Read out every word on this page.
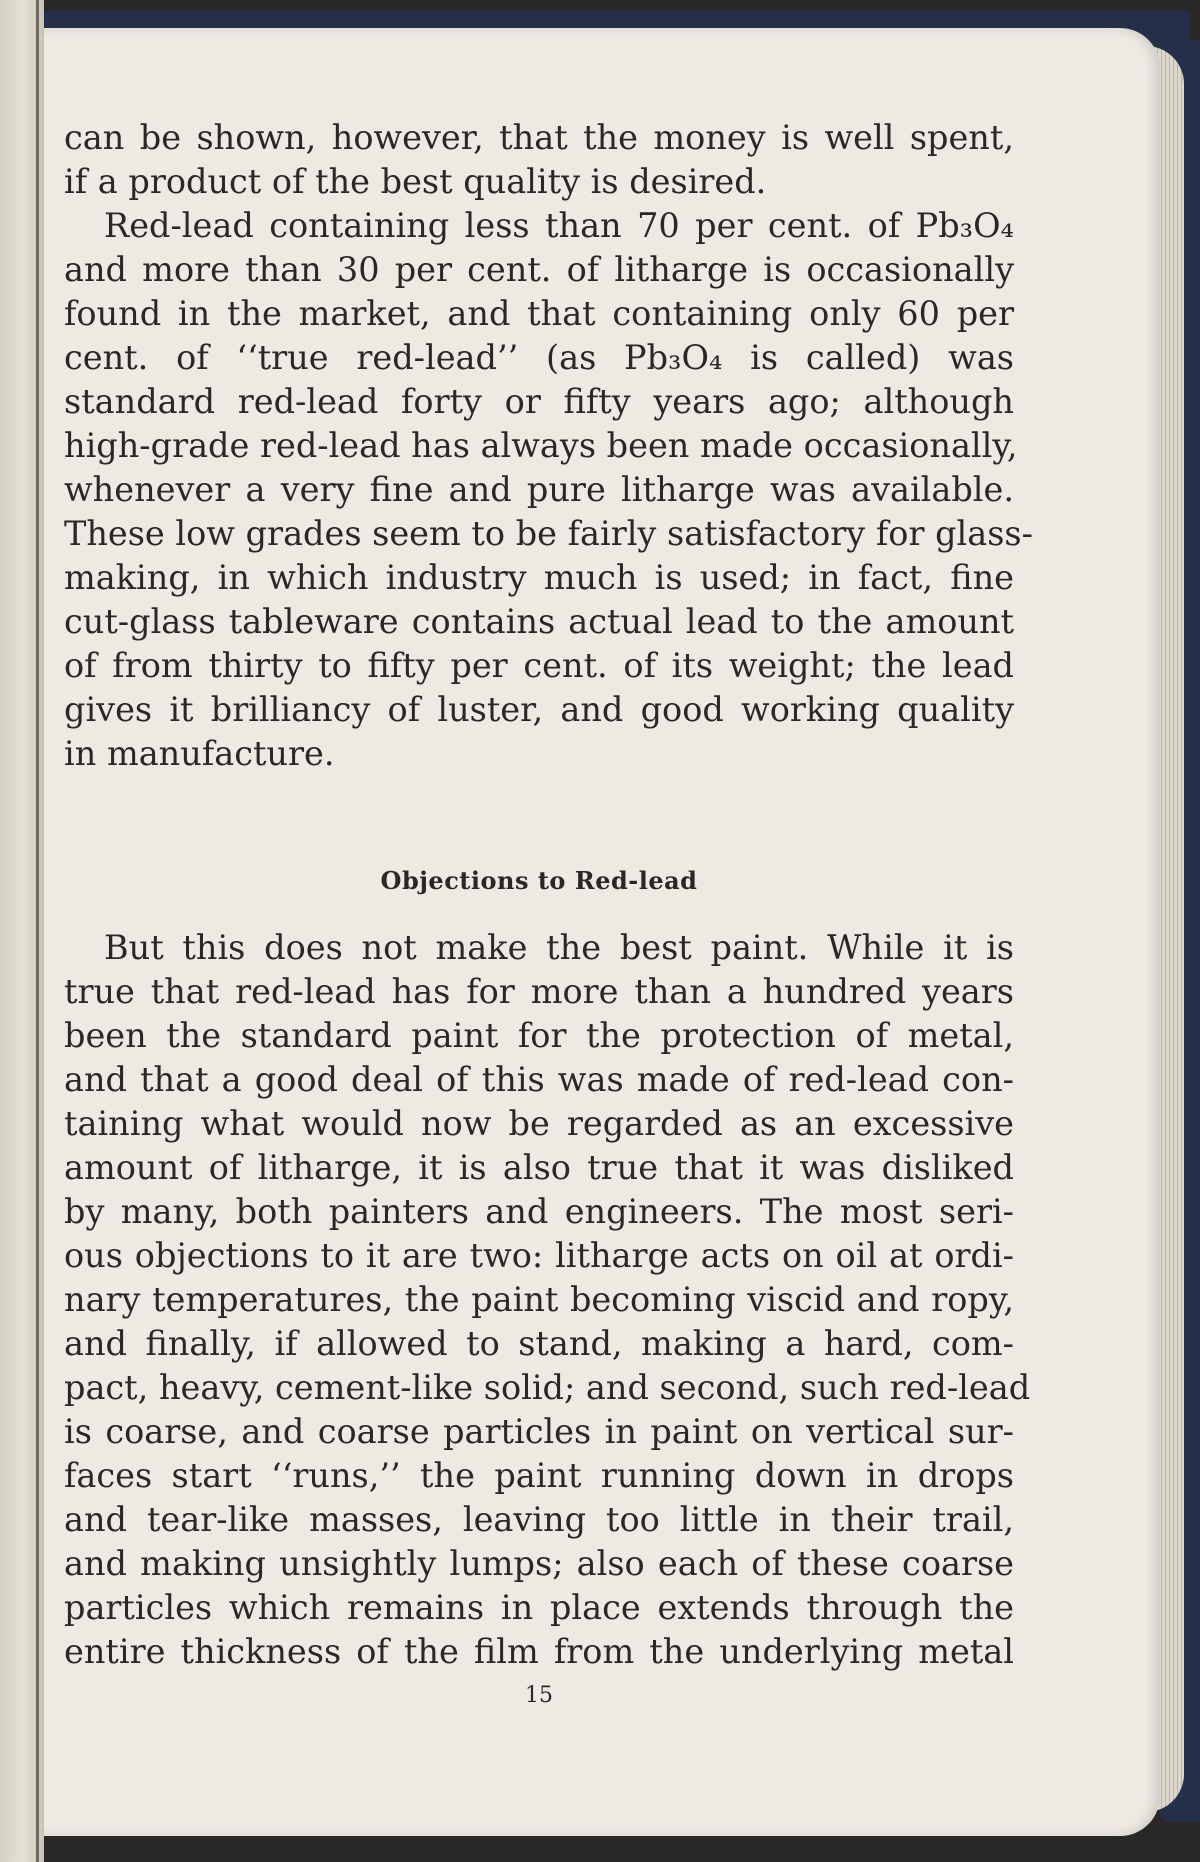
can be shown, however, that the money is well spent,
if a product of the best quality is desired.
Red-lead containing less than 70 per cent. of Pb₃O₄
and more than 30 per cent. of litharge is occasionally
found in the market, and that containing only 60 per
cent. of ‘‘true red-lead’’ (as Pb₃O₄ is called) was
standard red-lead forty or fifty years ago; although
high-grade red-lead has always been made occasionally,
whenever a very fine and pure litharge was available.
These low grades seem to be fairly satisfactory for glass-
making, in which industry much is used; in fact, fine
cut-glass tableware contains actual lead to the amount
of from thirty to fifty per cent. of its weight; the lead
gives it brilliancy of luster, and good working quality
in manufacture.
Objections to Red-lead
But this does not make the best paint. While it is
true that red-lead has for more than a hundred years
been the standard paint for the protection of metal,
and that a good deal of this was made of red-lead con-
taining what would now be regarded as an excessive
amount of litharge, it is also true that it was disliked
by many, both painters and engineers. The most seri-
ous objections to it are two: litharge acts on oil at ordi-
nary temperatures, the paint becoming viscid and ropy,
and finally, if allowed to stand, making a hard, com-
pact, heavy, cement-like solid; and second, such red-lead
is coarse, and coarse particles in paint on vertical sur-
faces start ‘‘runs,’’ the paint running down in drops
and tear-like masses, leaving too little in their trail,
and making unsightly lumps; also each of these coarse
particles which remains in place extends through the
entire thickness of the film from the underlying metal
15
